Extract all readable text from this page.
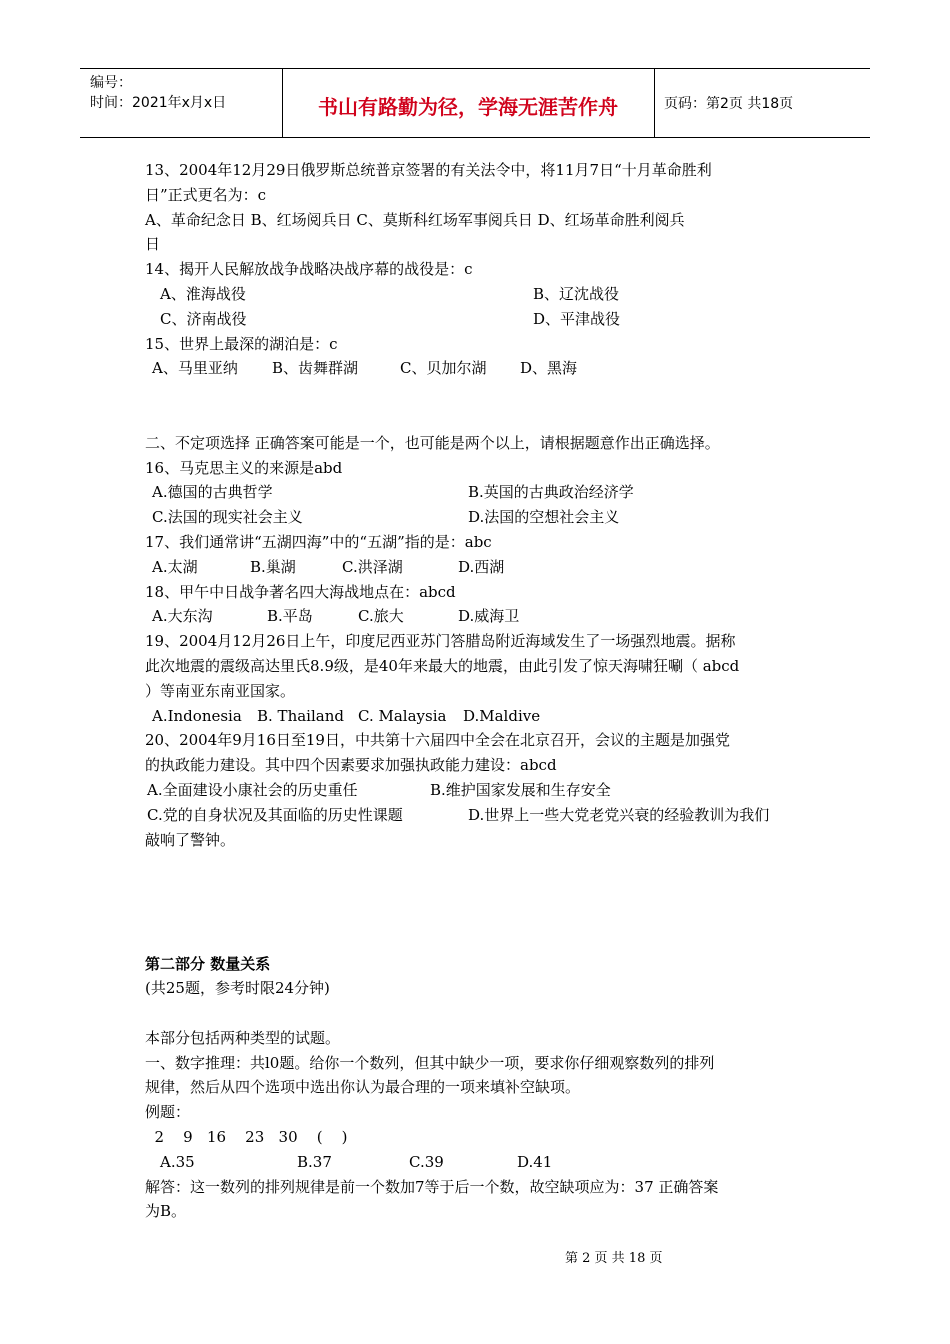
编号：
时间：2021年x月x日	书山有路勤为径，学海无涯苦作舟	页码：第2页 共18页
13、2004年12月29日俄罗斯总统普京签署的有关法令中，将11月7日“十月革命胜利
日”正式更名为：c
A、革命纪念日 B、红场阅兵日 C、莫斯科红场军事阅兵日 D、红场革命胜利阅兵
日
14、揭开人民解放战争战略决战序幕的战役是：c
A、淮海战役	B、辽沈战役
C、济南战役	D、平津战役
15、世界上最深的湖泊是：c
A、马里亚纳 B、齿舞群湖	C、贝加尔湖 D、黑海
二、不定项选择 正确答案可能是一个，也可能是两个以上，请根据题意作出正确选择。
16、马克思主义的来源是abd
A.德国的古典哲学	B.英国的古典政治经济学
C.法国的现实社会主义	D.法国的空想社会主义
17、我们通常讲“五湖四海”中的“五湖”指的是：abc
A.太湖	B.巢湖	C.洪泽湖	D.西湖
18、甲午中日战争著名四大海战地点在：abcd
A.大东沟	B.平岛	C.旅大	D.威海卫
19、2004月12月26日上午，印度尼西亚苏门答腊岛附近海域发生了一场强烈地震。据称
此次地震的震级高达里氏8.9级，是40年来最大的地震，由此引发了惊天海啸狂唰（ abcd
）等南亚东南亚国家。
A.Indonesia B. Thailand C. Malaysia D.Maldive
20、2004年9月16日至19日，中共第十六届四中全会在北京召开，会议的主题是加强党
的执政能力建设。其中四个因素要求加强执政能力建设：abcd
A.全面建设小康社会的历史重任	B.维护国家发展和生存安全
C.党的自身状况及其面临的历史性课题	D.世界上一些大党老党兴衰的经验教训为我们
敲响了警钟。
第二部分 数量关系
(共25题，参考时限24分钟)
本部分包括两种类型的试题。
一、数字推理：共l0题。给你一个数列，但其中缺少一项，要求你仔细观察数列的排列
规律，然后从四个选项中选出你认为最合理的一项来填补空缺项。
例题：
2    9   16    23   30    (    )
A.35	B.37	C.39	D.41
解答：这一数列的排列规律是前一个数加7等于后一个数，故空缺项应为：37 正确答案
为B。
第 2 页 共 18 页
